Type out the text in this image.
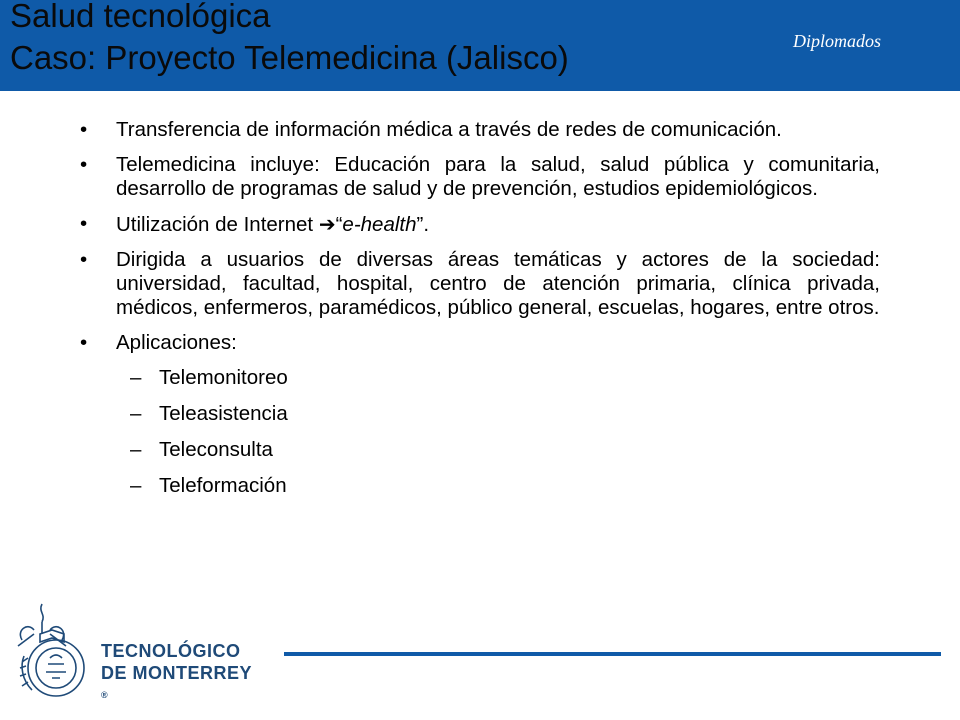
Salud tecnológica
Caso: Proyecto Telemedicina (Jalisco)	Diplomados
• Transferencia de información médica a través de redes de comunicación.
• Telemedicina incluye: Educación para la salud, salud pública y comunitaria, desarrollo de programas de salud y de prevención, estudios epidemiológicos.
• Utilización de Internet ➔“e-health”.
• Dirigida a usuarios de diversas áreas temáticas y actores de la sociedad: universidad, facultad, hospital, centro de atención primaria, clínica privada, médicos, enfermeros, paramédicos, público general, escuelas, hogares, entre otros.
• Aplicaciones:
– Telemonitoreo
– Teleasistencia
– Teleconsulta
– Teleformación
TECNOLÓGICO
DE MONTERREY
®
